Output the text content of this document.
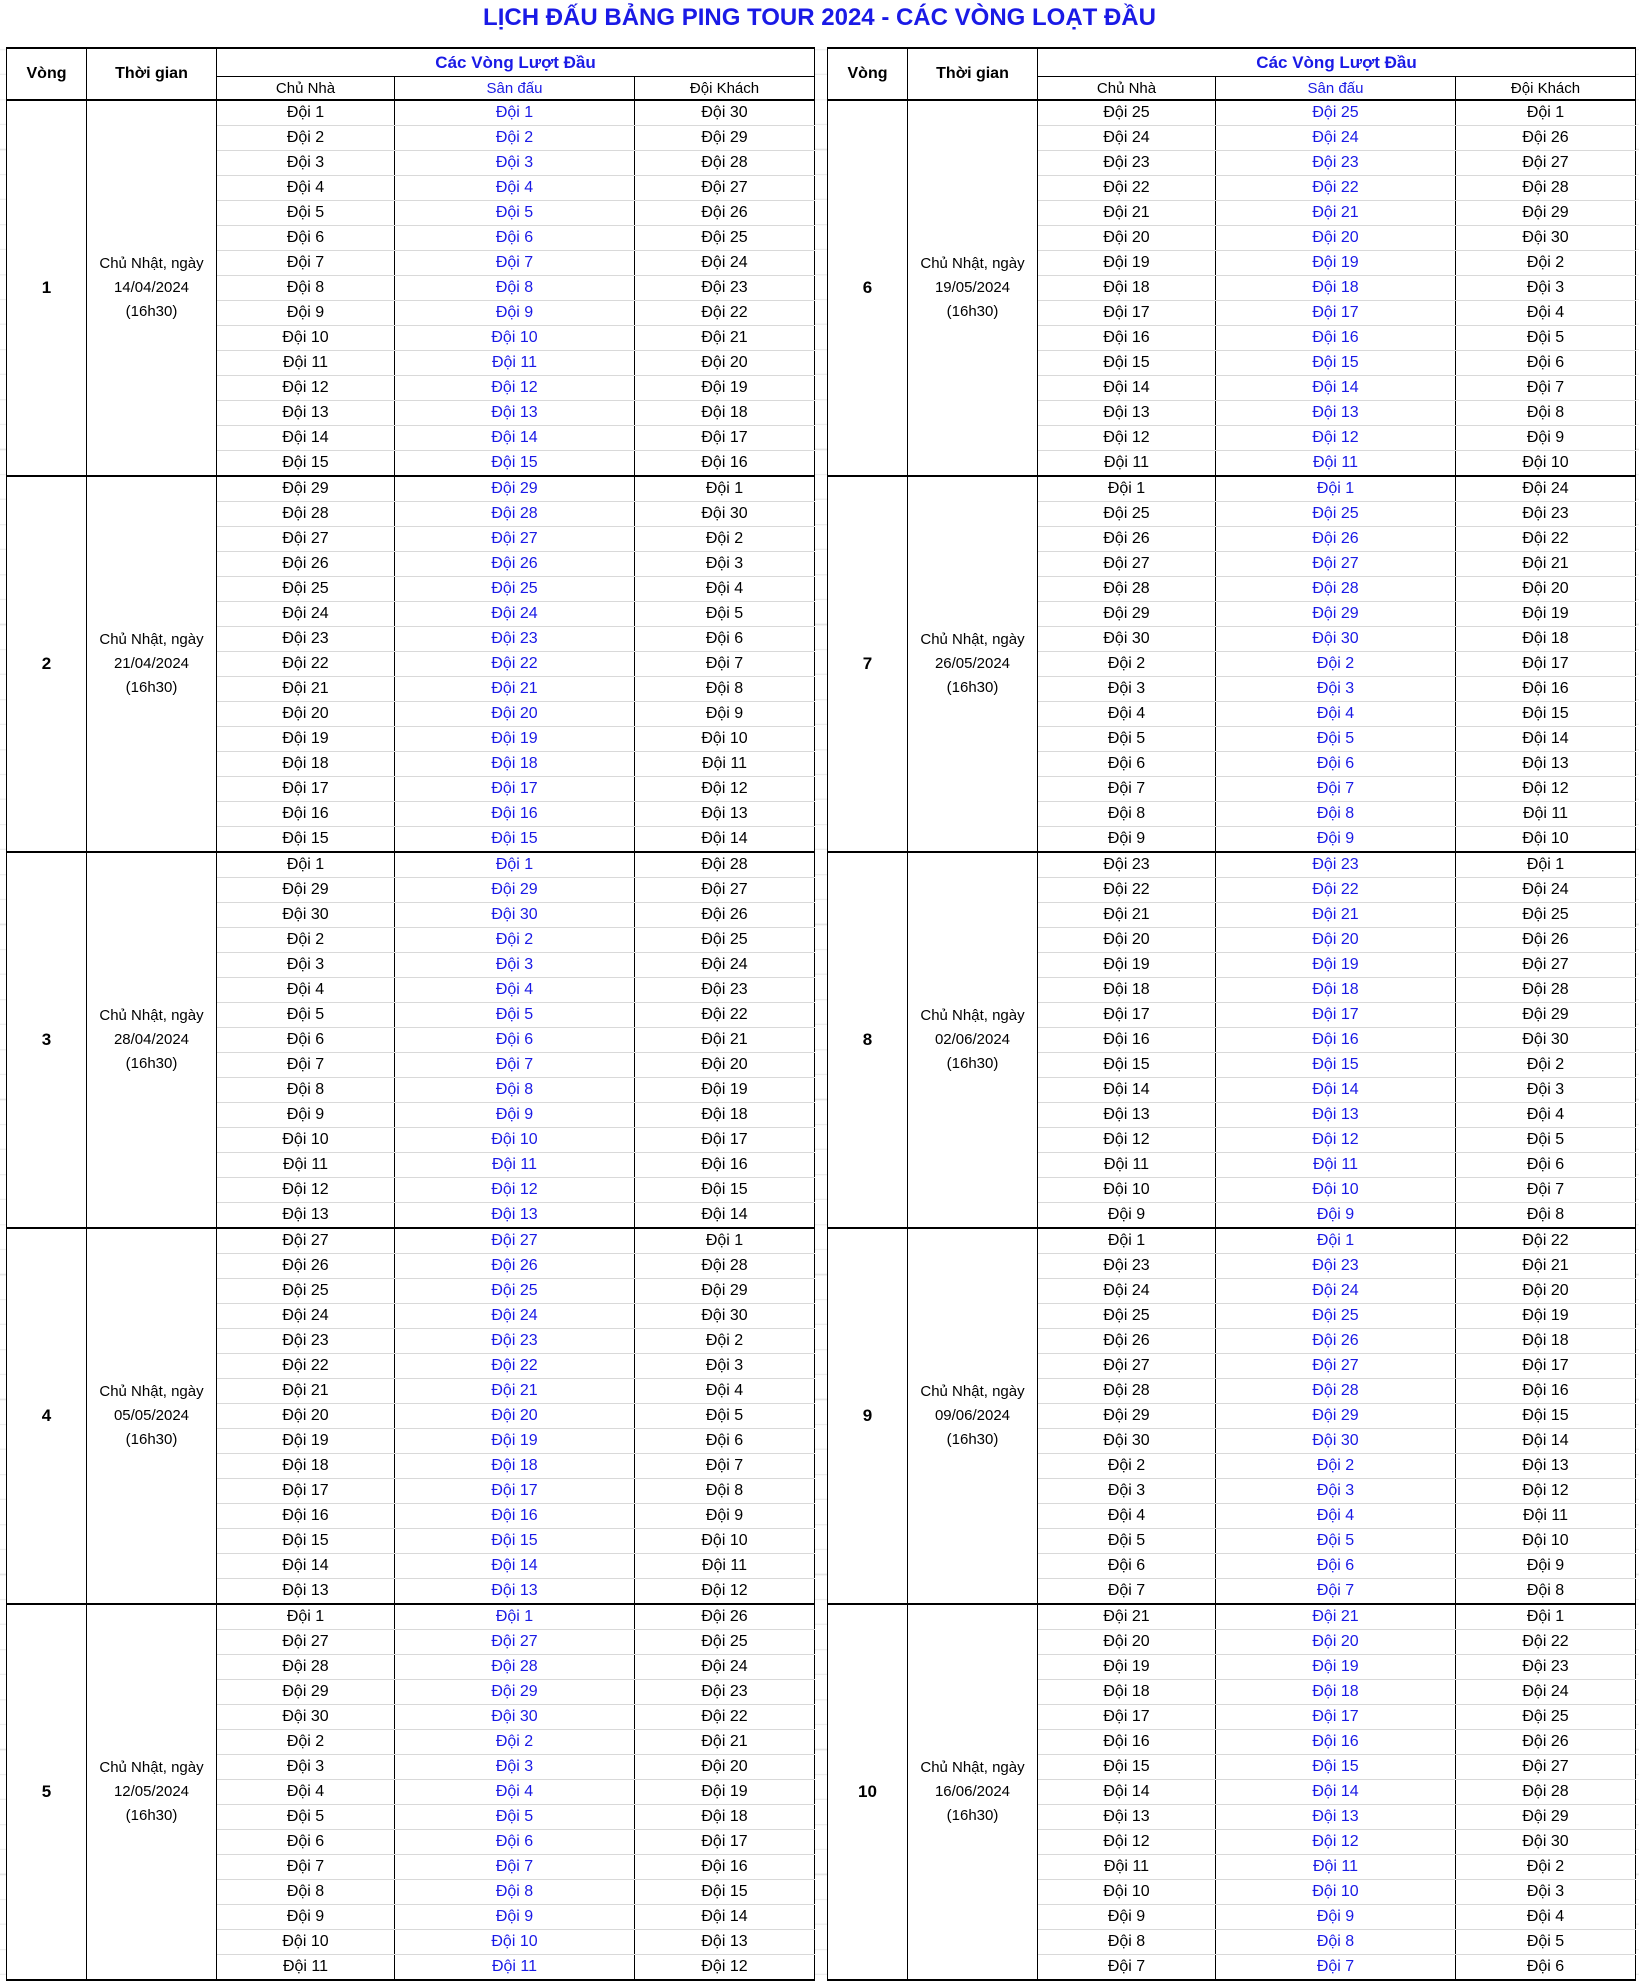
LỊCH ĐẤU BẢNG PING TOUR 2024 - CÁC VÒNG LOẠT ĐẦU
Vòng	Thời gian	Các Vòng Lượt Đầu		
		Chủ Nhà	Sân đấu	Đội Khách
1	Chủ Nhật, ngày
14/04/2024
(16h30)	Đội 1	Đội 1	Đội 30
		Đội 2	Đội 2	Đội 29
		Đội 3	Đội 3	Đội 28
		Đội 4	Đội 4	Đội 27
		Đội 5	Đội 5	Đội 26
		Đội 6	Đội 6	Đội 25
		Đội 7	Đội 7	Đội 24
		Đội 8	Đội 8	Đội 23
		Đội 9	Đội 9	Đội 22
		Đội 10	Đội 10	Đội 21
		Đội 11	Đội 11	Đội 20
		Đội 12	Đội 12	Đội 19
		Đội 13	Đội 13	Đội 18
		Đội 14	Đội 14	Đội 17
		Đội 15	Đội 15	Đội 16
2	Chủ Nhật, ngày
21/04/2024
(16h30)	Đội 29	Đội 29	Đội 1
		Đội 28	Đội 28	Đội 30
		Đội 27	Đội 27	Đội 2
		Đội 26	Đội 26	Đội 3
		Đội 25	Đội 25	Đội 4
		Đội 24	Đội 24	Đội 5
		Đội 23	Đội 23	Đội 6
		Đội 22	Đội 22	Đội 7
		Đội 21	Đội 21	Đội 8
		Đội 20	Đội 20	Đội 9
		Đội 19	Đội 19	Đội 10
		Đội 18	Đội 18	Đội 11
		Đội 17	Đội 17	Đội 12
		Đội 16	Đội 16	Đội 13
		Đội 15	Đội 15	Đội 14
3	Chủ Nhật, ngày
28/04/2024
(16h30)	Đội 1	Đội 1	Đội 28
		Đội 29	Đội 29	Đội 27
		Đội 30	Đội 30	Đội 26
		Đội 2	Đội 2	Đội 25
		Đội 3	Đội 3	Đội 24
		Đội 4	Đội 4	Đội 23
		Đội 5	Đội 5	Đội 22
		Đội 6	Đội 6	Đội 21
		Đội 7	Đội 7	Đội 20
		Đội 8	Đội 8	Đội 19
		Đội 9	Đội 9	Đội 18
		Đội 10	Đội 10	Đội 17
		Đội 11	Đội 11	Đội 16
		Đội 12	Đội 12	Đội 15
		Đội 13	Đội 13	Đội 14
4	Chủ Nhật, ngày
05/05/2024
(16h30)	Đội 27	Đội 27	Đội 1
		Đội 26	Đội 26	Đội 28
		Đội 25	Đội 25	Đội 29
		Đội 24	Đội 24	Đội 30
		Đội 23	Đội 23	Đội 2
		Đội 22	Đội 22	Đội 3
		Đội 21	Đội 21	Đội 4
		Đội 20	Đội 20	Đội 5
		Đội 19	Đội 19	Đội 6
		Đội 18	Đội 18	Đội 7
		Đội 17	Đội 17	Đội 8
		Đội 16	Đội 16	Đội 9
		Đội 15	Đội 15	Đội 10
		Đội 14	Đội 14	Đội 11
		Đội 13	Đội 13	Đội 12
5	Chủ Nhật, ngày
12/05/2024
(16h30)	Đội 1	Đội 1	Đội 26
		Đội 27	Đội 27	Đội 25
		Đội 28	Đội 28	Đội 24
		Đội 29	Đội 29	Đội 23
		Đội 30	Đội 30	Đội 22
		Đội 2	Đội 2	Đội 21
		Đội 3	Đội 3	Đội 20
		Đội 4	Đội 4	Đội 19
		Đội 5	Đội 5	Đội 18
		Đội 6	Đội 6	Đội 17
		Đội 7	Đội 7	Đội 16
		Đội 8	Đội 8	Đội 15
		Đội 9	Đội 9	Đội 14
		Đội 10	Đội 10	Đội 13
		Đội 11	Đội 11	Đội 12
Vòng	Thời gian	Các Vòng Lượt Đầu		
		Chủ Nhà	Sân đấu	Đội Khách
6	Chủ Nhật, ngày
19/05/2024
(16h30)	Đội 25	Đội 25	Đội 1
		Đội 24	Đội 24	Đội 26
		Đội 23	Đội 23	Đội 27
		Đội 22	Đội 22	Đội 28
		Đội 21	Đội 21	Đội 29
		Đội 20	Đội 20	Đội 30
		Đội 19	Đội 19	Đội 2
		Đội 18	Đội 18	Đội 3
		Đội 17	Đội 17	Đội 4
		Đội 16	Đội 16	Đội 5
		Đội 15	Đội 15	Đội 6
		Đội 14	Đội 14	Đội 7
		Đội 13	Đội 13	Đội 8
		Đội 12	Đội 12	Đội 9
		Đội 11	Đội 11	Đội 10
7	Chủ Nhật, ngày
26/05/2024
(16h30)	Đội 1	Đội 1	Đội 24
		Đội 25	Đội 25	Đội 23
		Đội 26	Đội 26	Đội 22
		Đội 27	Đội 27	Đội 21
		Đội 28	Đội 28	Đội 20
		Đội 29	Đội 29	Đội 19
		Đội 30	Đội 30	Đội 18
		Đội 2	Đội 2	Đội 17
		Đội 3	Đội 3	Đội 16
		Đội 4	Đội 4	Đội 15
		Đội 5	Đội 5	Đội 14
		Đội 6	Đội 6	Đội 13
		Đội 7	Đội 7	Đội 12
		Đội 8	Đội 8	Đội 11
		Đội 9	Đội 9	Đội 10
8	Chủ Nhật, ngày
02/06/2024
(16h30)	Đội 23	Đội 23	Đội 1
		Đội 22	Đội 22	Đội 24
		Đội 21	Đội 21	Đội 25
		Đội 20	Đội 20	Đội 26
		Đội 19	Đội 19	Đội 27
		Đội 18	Đội 18	Đội 28
		Đội 17	Đội 17	Đội 29
		Đội 16	Đội 16	Đội 30
		Đội 15	Đội 15	Đội 2
		Đội 14	Đội 14	Đội 3
		Đội 13	Đội 13	Đội 4
		Đội 12	Đội 12	Đội 5
		Đội 11	Đội 11	Đội 6
		Đội 10	Đội 10	Đội 7
		Đội 9	Đội 9	Đội 8
9	Chủ Nhật, ngày
09/06/2024
(16h30)	Đội 1	Đội 1	Đội 22
		Đội 23	Đội 23	Đội 21
		Đội 24	Đội 24	Đội 20
		Đội 25	Đội 25	Đội 19
		Đội 26	Đội 26	Đội 18
		Đội 27	Đội 27	Đội 17
		Đội 28	Đội 28	Đội 16
		Đội 29	Đội 29	Đội 15
		Đội 30	Đội 30	Đội 14
		Đội 2	Đội 2	Đội 13
		Đội 3	Đội 3	Đội 12
		Đội 4	Đội 4	Đội 11
		Đội 5	Đội 5	Đội 10
		Đội 6	Đội 6	Đội 9
		Đội 7	Đội 7	Đội 8
10	Chủ Nhật, ngày
16/06/2024
(16h30)	Đội 21	Đội 21	Đội 1
		Đội 20	Đội 20	Đội 22
		Đội 19	Đội 19	Đội 23
		Đội 18	Đội 18	Đội 24
		Đội 17	Đội 17	Đội 25
		Đội 16	Đội 16	Đội 26
		Đội 15	Đội 15	Đội 27
		Đội 14	Đội 14	Đội 28
		Đội 13	Đội 13	Đội 29
		Đội 12	Đội 12	Đội 30
		Đội 11	Đội 11	Đội 2
		Đội 10	Đội 10	Đội 3
		Đội 9	Đội 9	Đội 4
		Đội 8	Đội 8	Đội 5
		Đội 7	Đội 7	Đội 6
